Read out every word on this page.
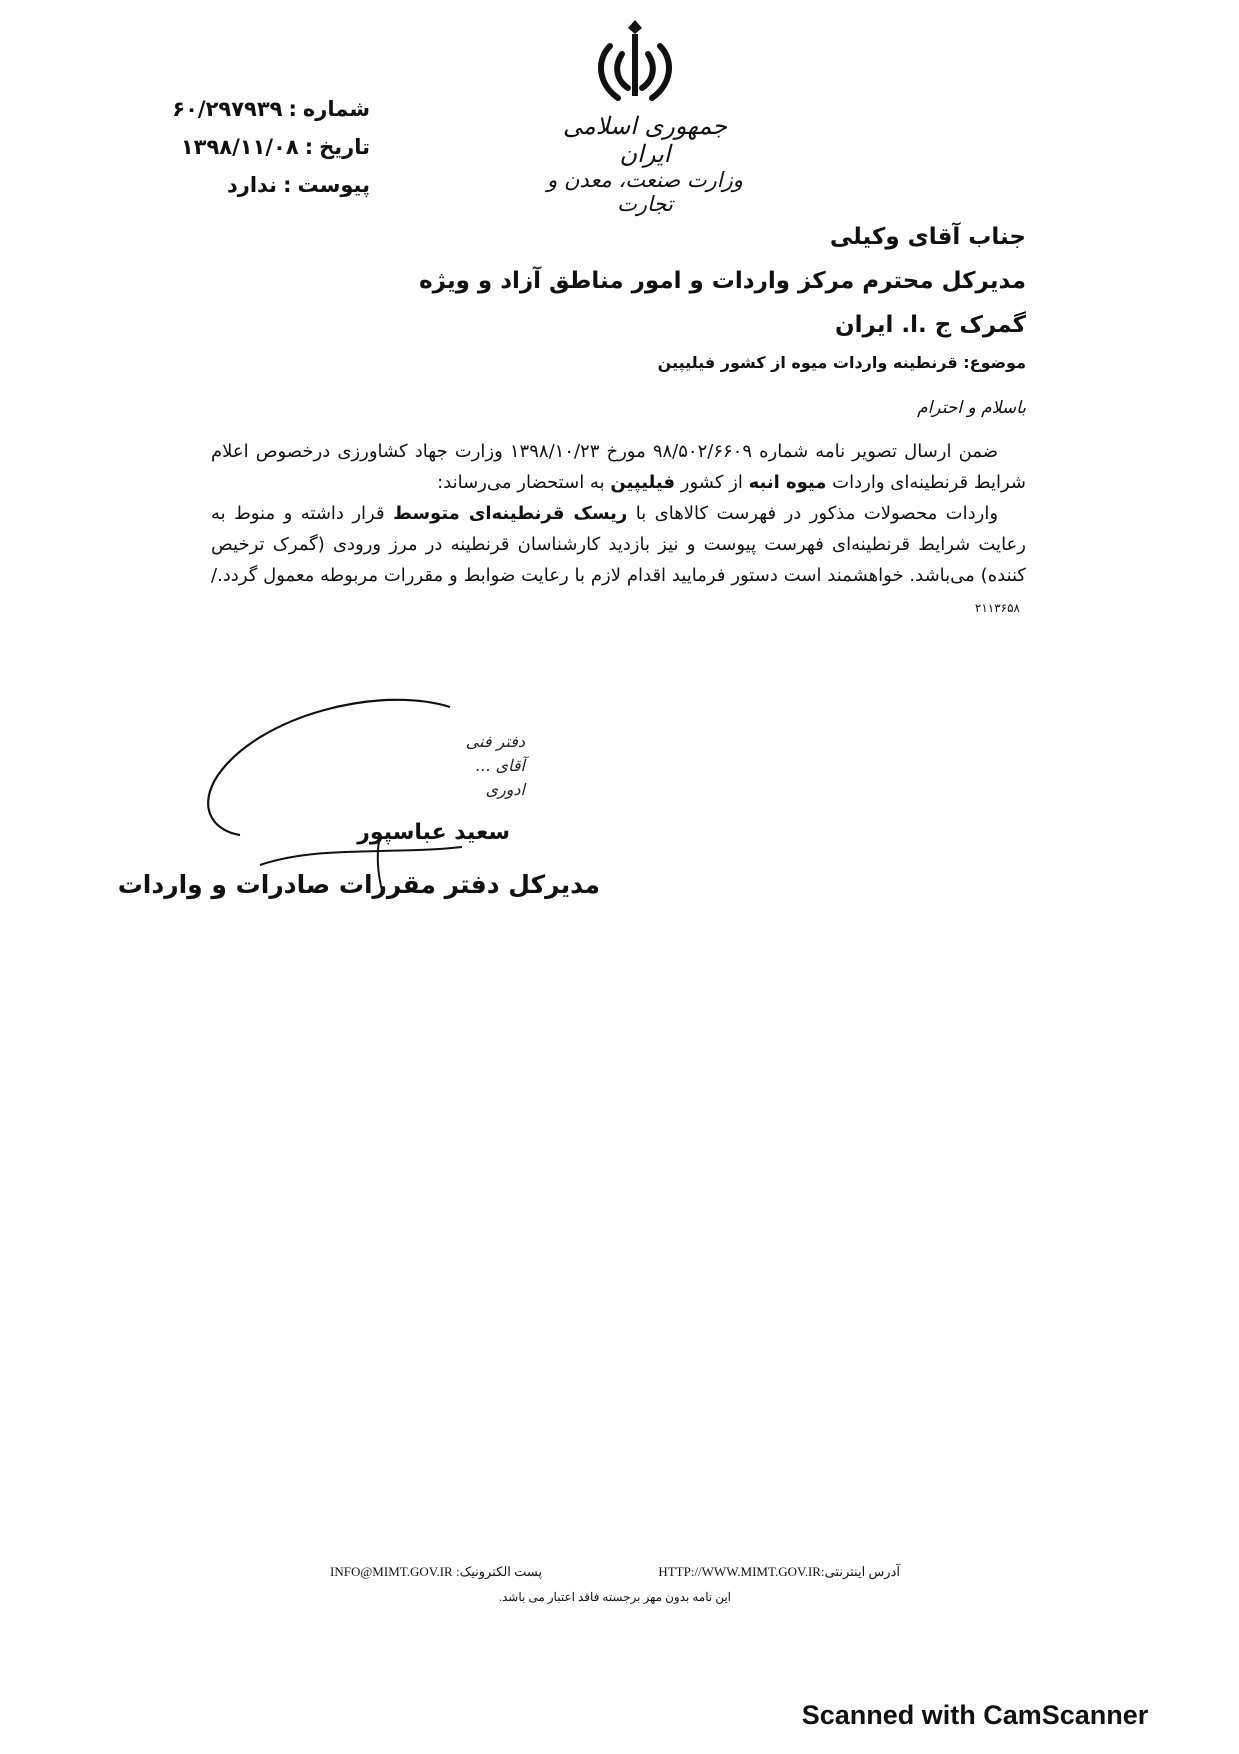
جمهوری اسلامی ایران
وزارت صنعت، معدن و تجارت
شماره:۶۰/۲۹۷۹۳۹
تاریخ:۱۳۹۸/۱۱/۰۸
پیوست:ندارد
جناب آقای وکیلی
مدیرکل محترم مرکز واردات و امور مناطق آزاد و ویژه
گمرک ج .ا. ایران
موضوع: قرنطینه واردات میوه از کشور فیلیپین
باسلام و احترام

ضمن ارسال تصویر نامه شماره ۹۸/۵۰۲/۶۶۰۹ مورخ ۱۳۹۸/۱۰/۲۳ وزارت جهاد کشاورزی درخصوص اعلام شرایط قرنطینه‌ای واردات میوه انبه از کشور فیلیپین به استحضار می‌رساند:

واردات محصولات مذکور در فهرست کالاهای با ریسک قرنطینه‌ای متوسط قرار داشته و منوط به رعایت شرایط قرنطینه‌ای فهرست پیوست و نیز بازدید کارشناسان قرنطینه در مرز ورودی (گمرک ترخیص کننده) می‌باشد. خواهشمند است دستور فرمایید اقدام لازم با رعایت ضوابط و مقررات مربوطه معمول گردد./ ۲۱۱۳۶۵۸

دفتر فنی
آقای ...
ادوری
سعید عباسپور
مدیرکل دفتر مقررات صادرات و واردات
INFO@MIMT.GOV.IR پست الکترونیک:	HTTP://WWW.MIMT.GOV.IRآدرس اینترنتی:
این نامه بدون مهر برجسته فاقد اعتبار می باشد.
Scanned with CamScanner
